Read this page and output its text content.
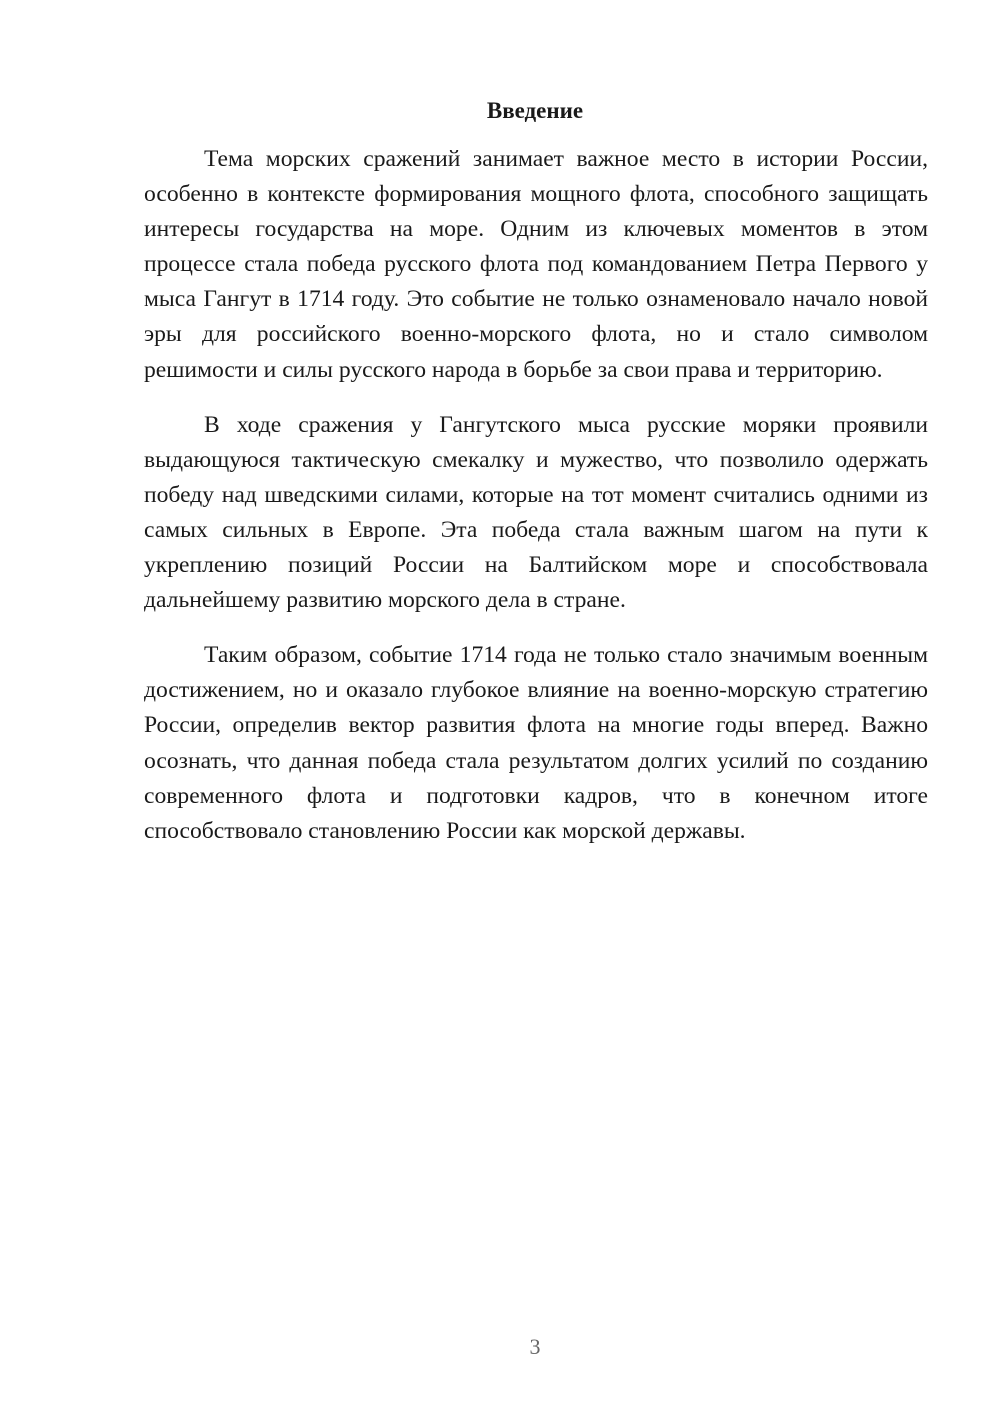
Введение

Тема морских сражений занимает важное место в истории России, особенно в контексте формирования мощного флота, способного защищать интересы государства на море. Одним из ключевых моментов в этом процессе стала победа русского флота под командованием Петра Первого у мыса Гангут в 1714 году. Это событие не только ознаменовало начало новой эры для российского военно-морского флота, но и стало символом решимости и силы русского народа в борьбе за свои права и территорию.

В ходе сражения у Гангутского мыса русские моряки проявили выдающуюся тактическую смекалку и мужество, что позволило одержать победу над шведскими силами, которые на тот момент считались одними из самых сильных в Европе. Эта победа стала важным шагом на пути к укреплению позиций России на Балтийском море и способствовала дальнейшему развитию морского дела в стране.

Таким образом, событие 1714 года не только стало значимым военным достижением, но и оказало глубокое влияние на военно-морскую стратегию России, определив вектор развития флота на многие годы вперед. Важно осознать, что данная победа стала результатом долгих усилий по созданию современного флота и подготовки кадров, что в конечном итоге способствовало становлению России как морской державы.

3
